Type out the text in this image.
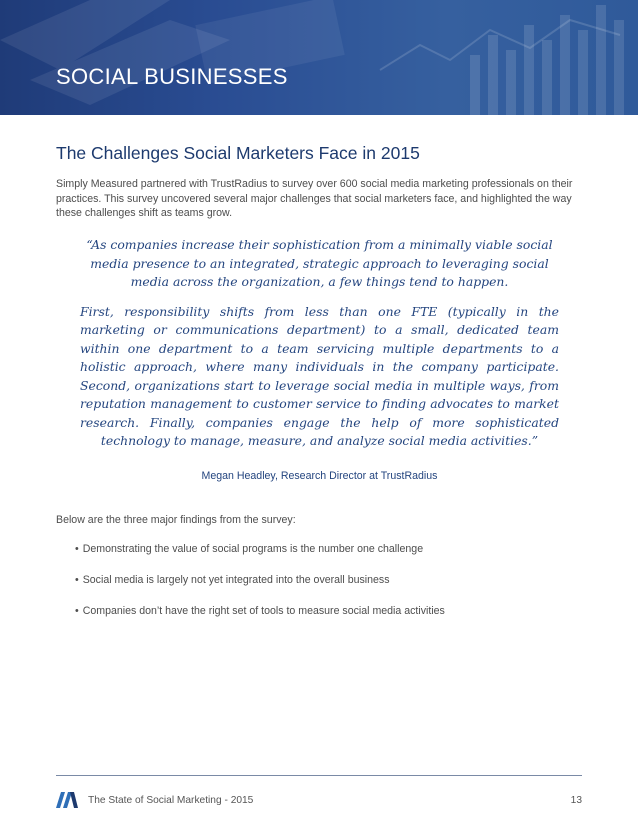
SOCIAL BUSINESSES
The Challenges Social Marketers Face in 2015

Simply Measured partnered with TrustRadius to survey over 600 social media marketing professionals on their practices. This survey uncovered several major challenges that social marketers face, and highlighted the way these challenges shift as teams grow.

“As companies increase their sophistication from a minimally viable social media presence to an integrated, strategic approach to leveraging social media across the organization, a few things tend to happen.

First, responsibility shifts from less than one FTE (typically in the marketing or communications department) to a small, dedicated team within one department to a team servicing multiple departments to a holistic approach, where many individuals in the company participate. Second, organizations start to leverage social media in multiple ways, from reputation management to customer service to finding advocates to market research. Finally, companies engage the help of more sophisticated technology to manage, measure, and analyze social media activities.”

Megan Headley, Research Director at TrustRadius

Below are the three major findings from the survey:

• Demonstrating the value of social programs is the number one challenge
• Social media is largely not yet integrated into the overall business
• Companies don’t have the right set of tools to measure social media activities

The State of Social Marketing - 2015	13
